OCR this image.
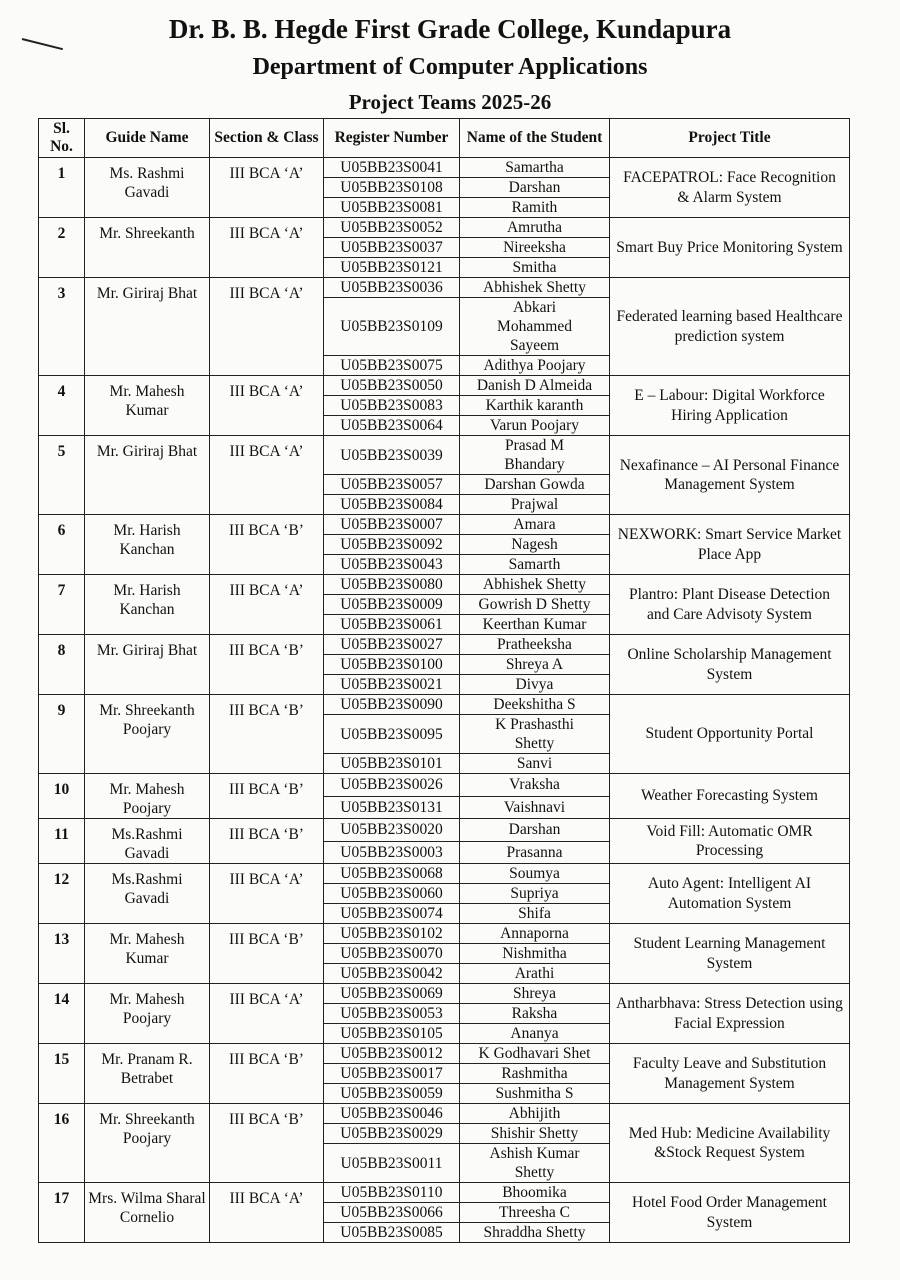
Dr. B. B. Hegde First Grade College, Kundapura
Department of Computer Applications
Project Teams 2025-26
Sl. No.	Guide Name	Section & Class	Register Number	Name of the Student	Project Title
1	Ms. Rashmi Gavadi	III BCA ‘A’	U05BB23S0041	Samartha	FACEPATROL: Face Recognition & Alarm System
			U05BB23S0108	Darshan	
			U05BB23S0081	Ramith	
2	Mr. Shreekanth	III BCA ‘A’	U05BB23S0052	Amrutha	Smart Buy Price Monitoring System
			U05BB23S0037	Nireeksha	
			U05BB23S0121	Smitha	
3	Mr. Giriraj Bhat	III BCA ‘A’	U05BB23S0036	Abhishek Shetty	Federated learning based Healthcare prediction system
			U05BB23S0109	Abkari Mohammed Sayeem	
			U05BB23S0075	Adithya Poojary	
4	Mr. Mahesh Kumar	III BCA ‘A’	U05BB23S0050	Danish D Almeida	E – Labour: Digital Workforce Hiring Application
			U05BB23S0083	Karthik karanth	
			U05BB23S0064	Varun Poojary	
5	Mr. Giriraj Bhat	III BCA ‘A’	U05BB23S0039	Prasad M Bhandary	Nexafinance – AI Personal Finance Management System
			U05BB23S0057	Darshan Gowda	
			U05BB23S0084	Prajwal	
6	Mr. Harish Kanchan	III BCA ‘B’	U05BB23S0007	Amara	NEXWORK: Smart Service Market Place App
			U05BB23S0092	Nagesh	
			U05BB23S0043	Samarth	
7	Mr. Harish Kanchan	III BCA ‘A’	U05BB23S0080	Abhishek Shetty	Plantro: Plant Disease Detection and Care Advisoty System
			U05BB23S0009	Gowrish D Shetty	
			U05BB23S0061	Keerthan Kumar	
8	Mr. Giriraj Bhat	III BCA ‘B’	U05BB23S0027	Pratheeksha	Online Scholarship Management System
			U05BB23S0100	Shreya A	
			U05BB23S0021	Divya	
9	Mr. Shreekanth Poojary	III BCA ‘B’	U05BB23S0090	Deekshitha S	Student Opportunity Portal
			U05BB23S0095	K Prashasthi Shetty	
			U05BB23S0101	Sanvi	
10	Mr. Mahesh Poojary	III BCA ‘B’	U05BB23S0026	Vraksha	Weather Forecasting System
			U05BB23S0131	Vaishnavi	
11	Ms.Rashmi Gavadi	III BCA ‘B’	U05BB23S0020	Darshan	Void Fill: Automatic OMR Processing
			U05BB23S0003	Prasanna	
12	Ms.Rashmi Gavadi	III BCA ‘A’	U05BB23S0068	Soumya	Auto Agent: Intelligent AI Automation System
			U05BB23S0060	Supriya	
			U05BB23S0074	Shifa	
13	Mr. Mahesh Kumar	III BCA ‘B’	U05BB23S0102	Annaporna	Student Learning Management System
			U05BB23S0070	Nishmitha	
			U05BB23S0042	Arathi	
14	Mr. Mahesh Poojary	III BCA ‘A’	U05BB23S0069	Shreya	Antharbhava: Stress Detection using Facial Expression
			U05BB23S0053	Raksha	
			U05BB23S0105	Ananya	
15	Mr. Pranam R. Betrabet	III BCA ‘B’	U05BB23S0012	K Godhavari Shet	Faculty Leave and Substitution Management System
			U05BB23S0017	Rashmitha	
			U05BB23S0059	Sushmitha S	
16	Mr. Shreekanth Poojary	III BCA ‘B’	U05BB23S0046	Abhijith	Med Hub: Medicine Availability &Stock Request System
			U05BB23S0029	Shishir Shetty	
			U05BB23S0011	Ashish Kumar Shetty	
17	Mrs. Wilma Sharal Cornelio	III BCA ‘A’	U05BB23S0110	Bhoomika	Hotel Food Order Management System
			U05BB23S0066	Threesha C	
			U05BB23S0085	Shraddha Shetty	
